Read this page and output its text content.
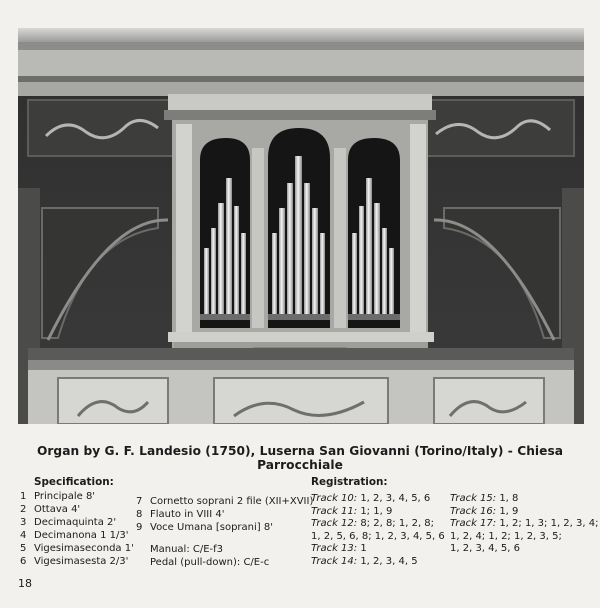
Organ by G. F. Landesio (1750), Luserna San Giovanni (Torino/Italy) - Chiesa Parrocchiale
Specification:
1 Principale 8'
2 Ottava 4'
3 Decimaquinta 2'
4 Decimanona 1 1/3'
5 Vigesimaseconda 1'
6 Vigesimasesta 2/3'
7 Cornetto soprani 2 file (XII+XVII)
8 Flauto in VIII 4'
9 Voce Umana [soprani] 8'
Manual: C/E-f3
Pedal (pull-down): C/E-c
Registration:
Track 10: 1, 2, 3, 4, 5, 6
Track 11: 1; 1, 9
Track 12: 8; 2, 8; 1, 2, 8;
1, 2, 5, 6, 8; 1, 2, 3, 4, 5, 6
Track 13: 1
Track 14: 1, 2, 3, 4, 5
Track 15: 1, 8
Track 16: 1, 9
Track 17: 1, 2; 1, 3; 1, 2, 3, 4;
1, 2, 4; 1, 2; 1, 2, 3, 5;
1, 2, 3, 4, 5, 6
18
